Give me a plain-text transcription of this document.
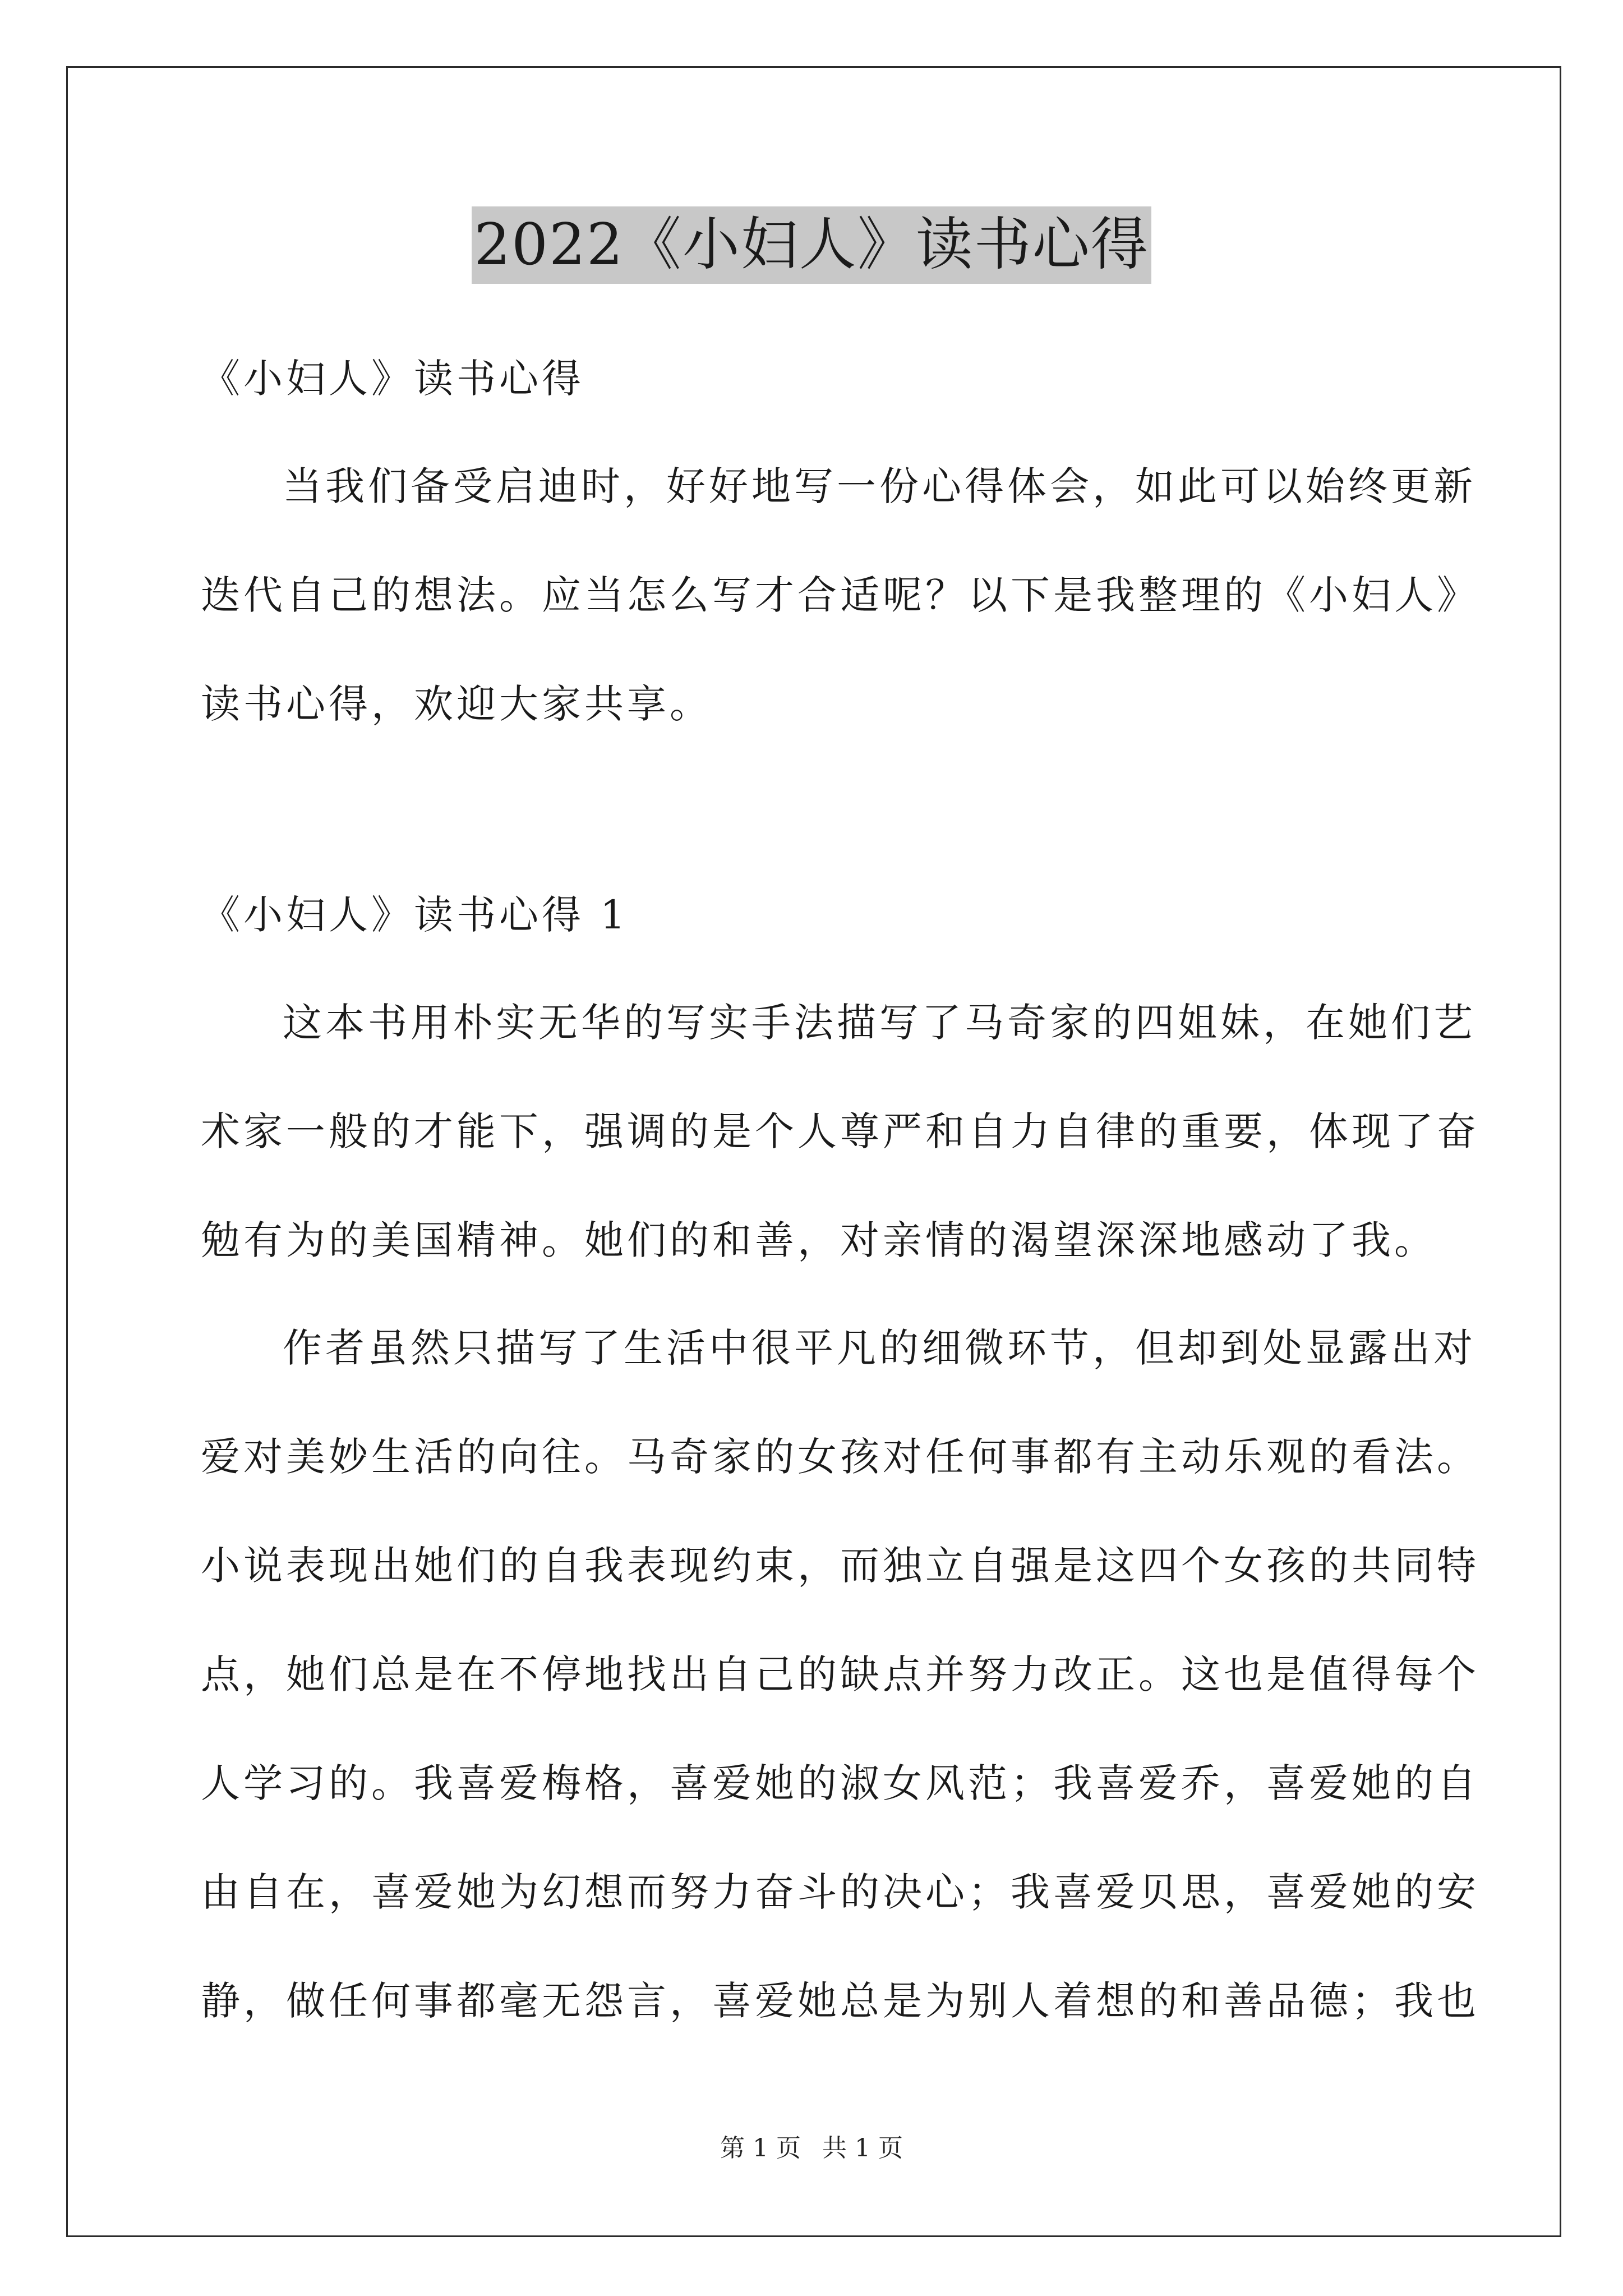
2022《小妇人》读书心得
《小妇人》读书心得
当我们备受启迪时，好好地写一份心得体会，如此可以始终更新
迭代自己的想法。应当怎么写才合适呢？以下是我整理的《小妇人》
读书心得，欢迎大家共享。
《小妇人》读书心得 1
这本书用朴实无华的写实手法描写了马奇家的四姐妹，在她们艺
术家一般的才能下，强调的是个人尊严和自力自律的重要，体现了奋
勉有为的美国精神。她们的和善，对亲情的渴望深深地感动了我。
作者虽然只描写了生活中很平凡的细微环节，但却到处显露出对
爱对美妙生活的向往。马奇家的女孩对任何事都有主动乐观的看法。
小说表现出她们的自我表现约束，而独立自强是这四个女孩的共同特
点，她们总是在不停地找出自己的缺点并努力改正。这也是值得每个
人学习的。我喜爱梅格，喜爱她的淑女风范；我喜爱乔，喜爱她的自
由自在，喜爱她为幻想而努力奋斗的决心；我喜爱贝思，喜爱她的安
静，做任何事都毫无怨言，喜爱她总是为别人着想的和善品德；我也
第 1 页 共 1 页
